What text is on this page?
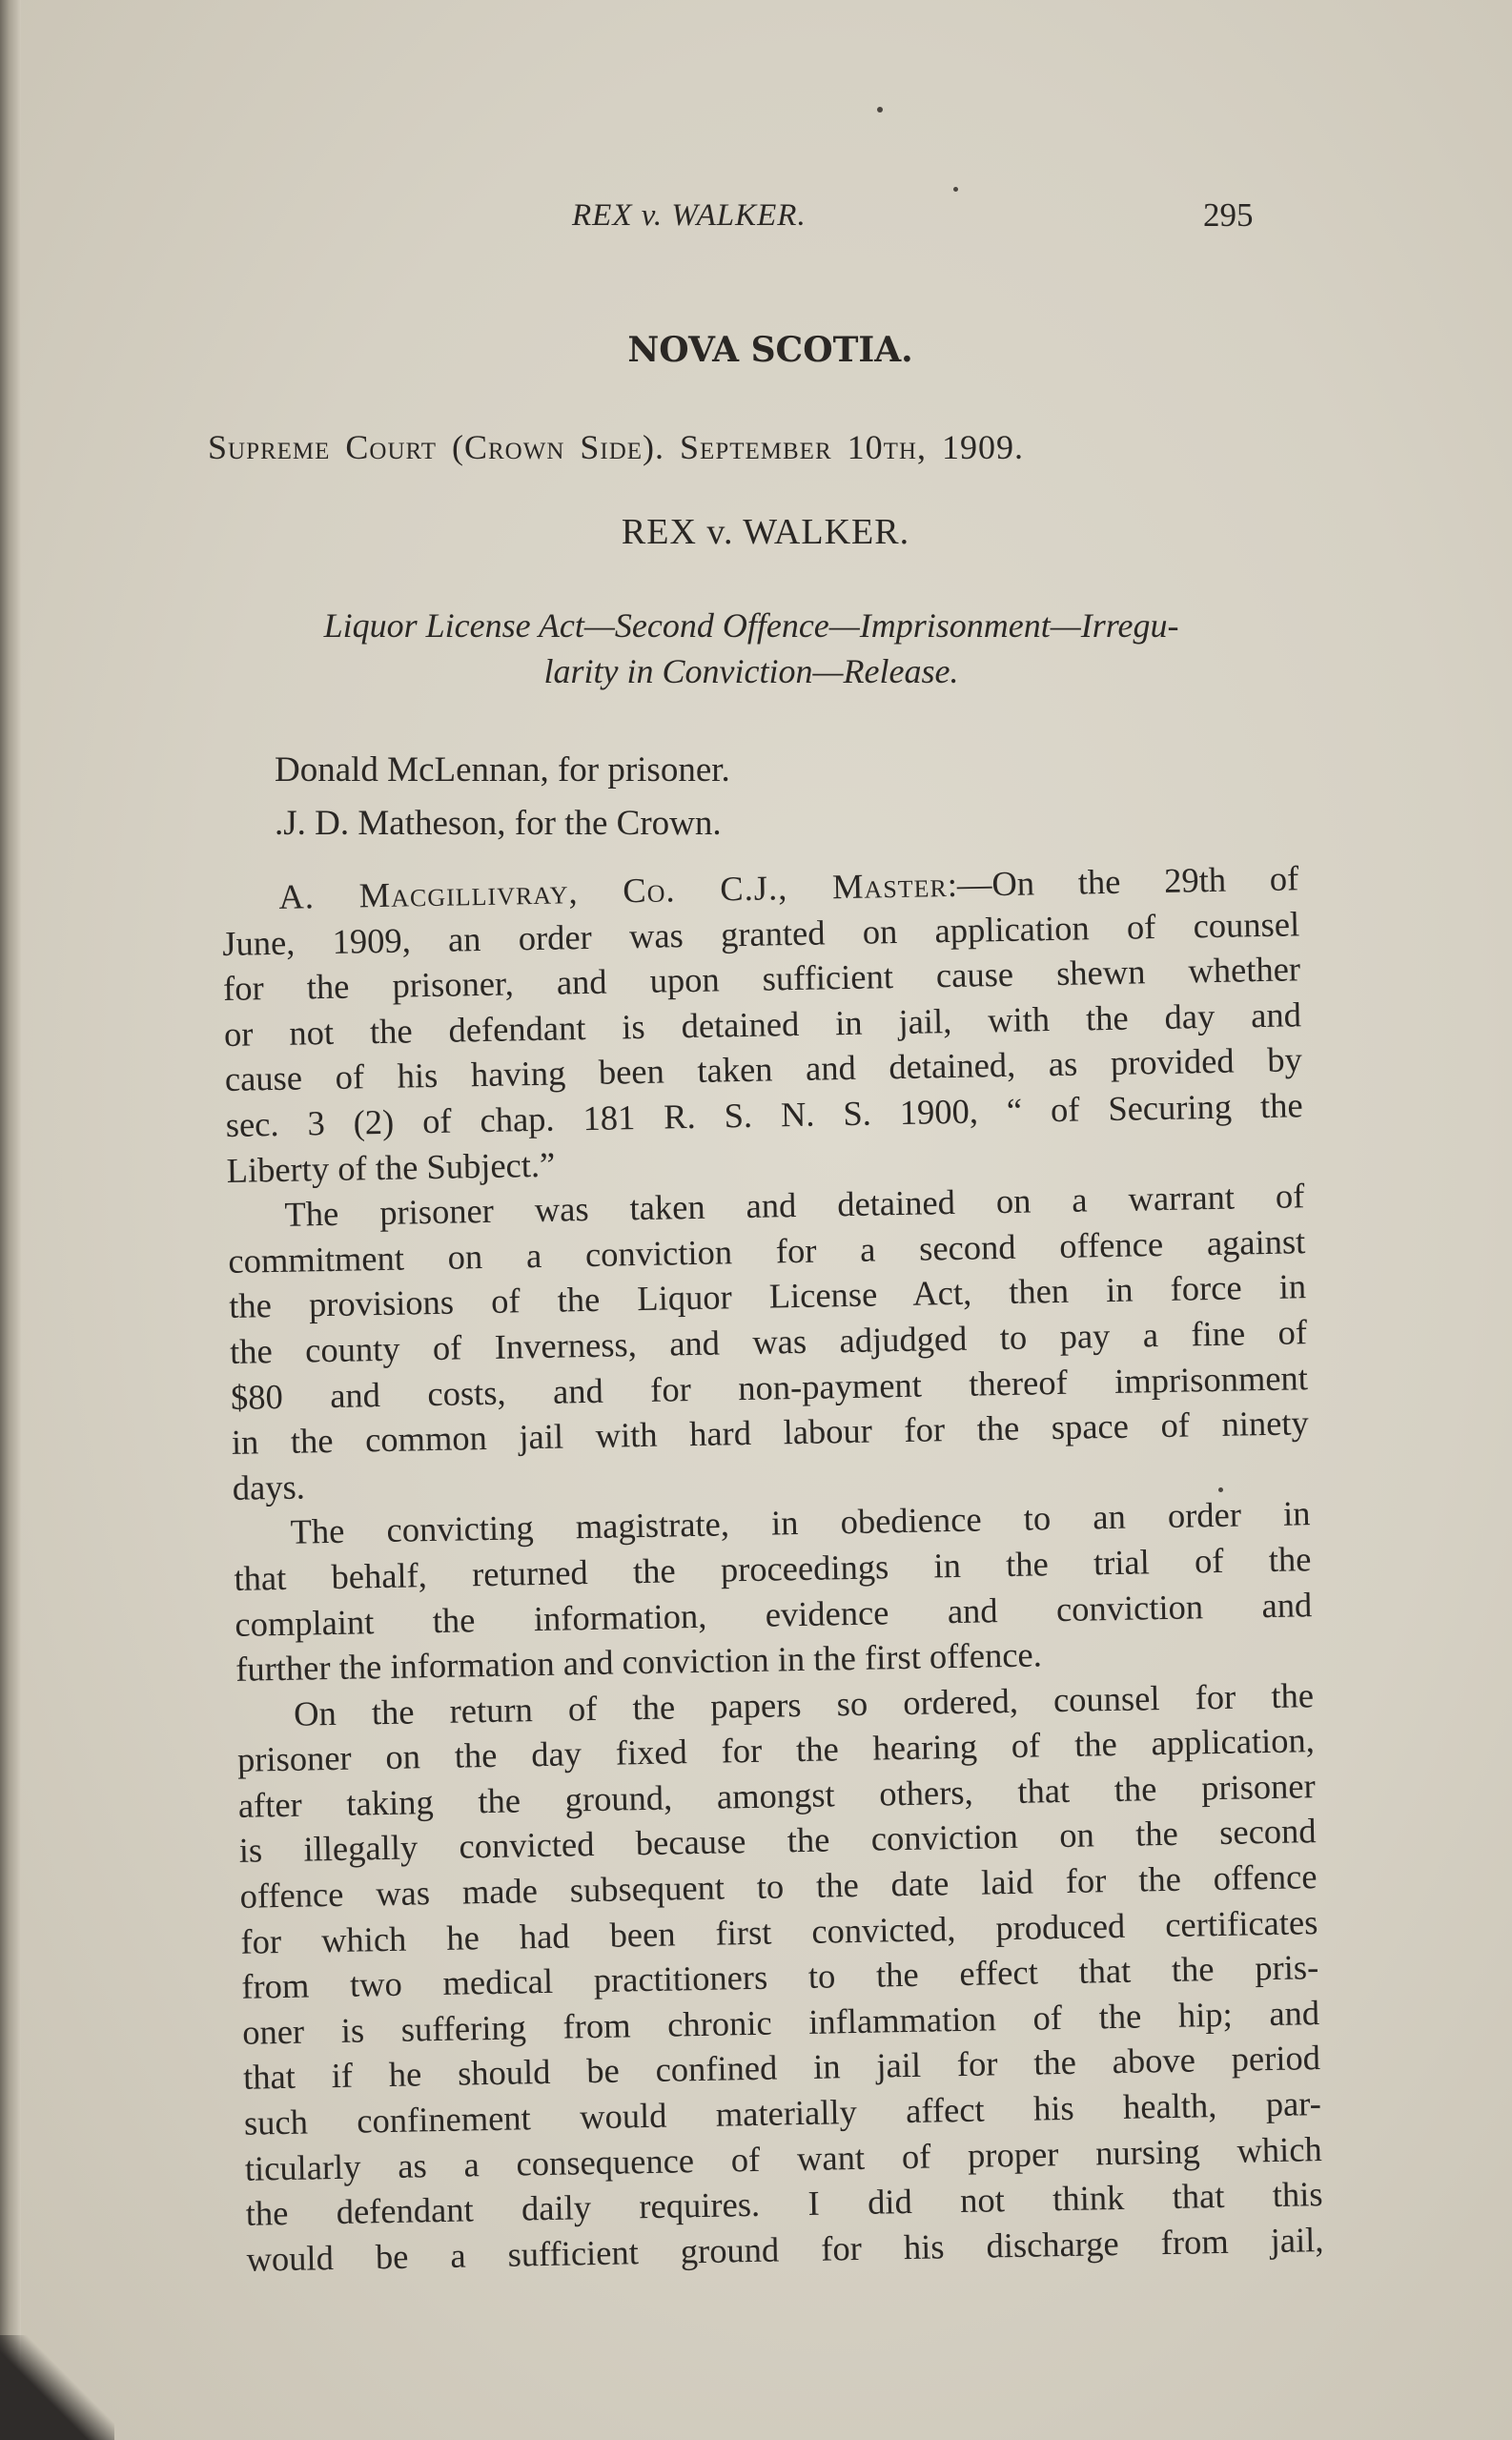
REX v. WALKER.	295
NOVA SCOTIA.
Supreme Court (Crown Side). September 10th, 1909.
REX v. WALKER.
Liquor License Act—Second Offence—Imprisonment—Irregu-
larity in Conviction—Release.
Donald McLennan, for prisoner.
.J. D. Matheson, for the Crown.
A. Macgillivray, Co. C.J., Master:—On the 29th of
June, 1909, an order was granted on application of counsel
for the prisoner, and upon sufficient cause shewn whether
or not the defendant is detained in jail, with the day and
cause of his having been taken and detained, as provided by
sec. 3 (2) of chap. 181 R. S. N. S. 1900, “ of Securing the
Liberty of the Subject.”
The prisoner was taken and detained on a warrant of
commitment on a conviction for a second offence against
the provisions of the Liquor License Act, then in force in
the county of Inverness, and was adjudged to pay a fine of
$80 and costs, and for non-payment thereof imprisonment
in the common jail with hard labour for the space of ninety
days.
The convicting magistrate, in obedience to an order in
that behalf, returned the proceedings in the trial of the
complaint the information, evidence and conviction and
further the information and conviction in the first offence.
On the return of the papers so ordered, counsel for the
prisoner on the day fixed for the hearing of the application,
after taking the ground, amongst others, that the prisoner
is illegally convicted because the conviction on the second
offence was made subsequent to the date laid for the offence
for which he had been first convicted, produced certificates
from two medical practitioners to the effect that the pris-
oner is suffering from chronic inflammation of the hip; and
that if he should be confined in jail for the above period
such confinement would materially affect his health, par-
ticularly as a consequence of want of proper nursing which
the defendant daily requires. I did not think that this
would be a sufficient ground for his discharge from jail,
